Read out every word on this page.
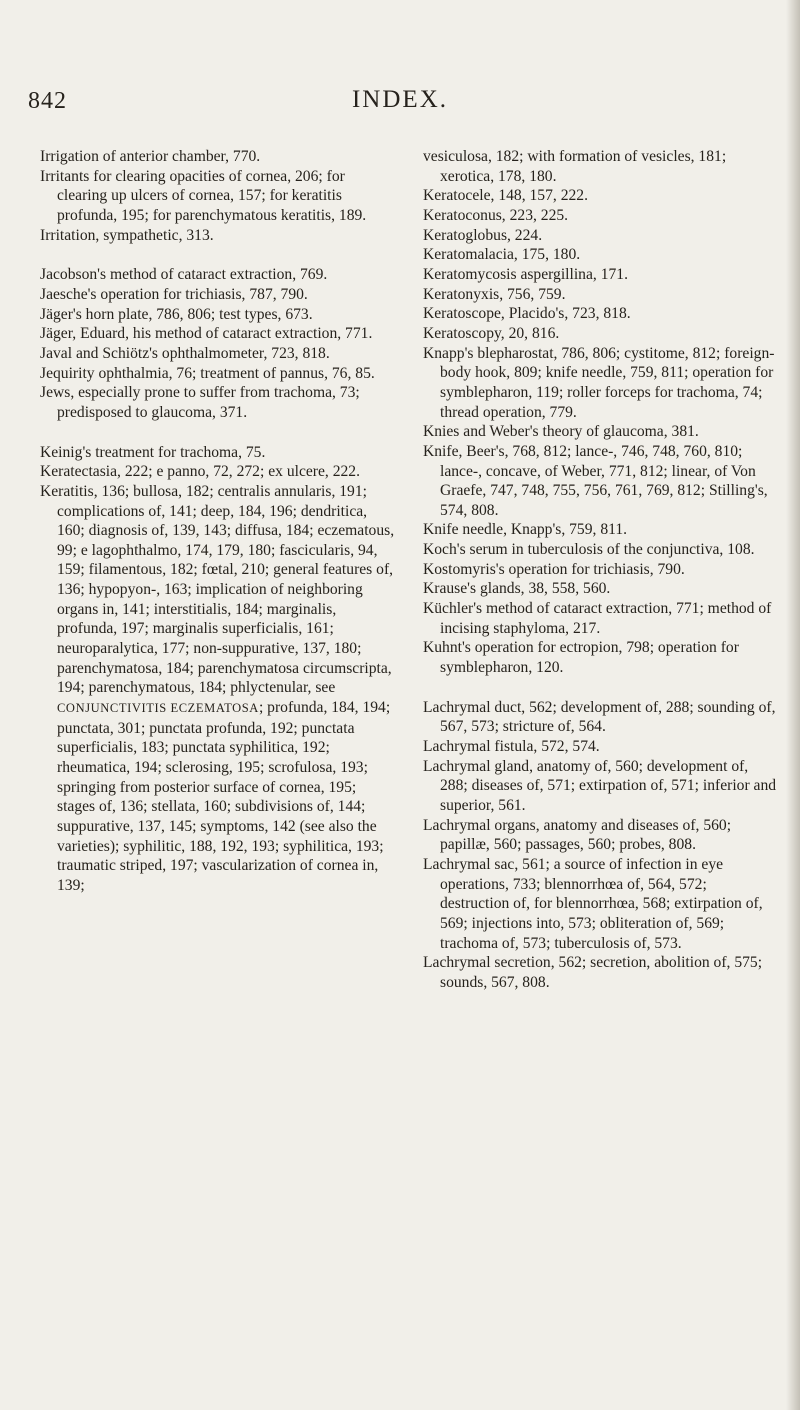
842	INDEX.

Irrigation of anterior chamber, 770.

Irritants for clearing opacities of cornea, 206; for clearing up ulcers of cornea, 157; for keratitis profunda, 195; for parenchymatous keratitis, 189.

Irritation, sympathetic, 313.

Jacobson's method of cataract extraction, 769.

Jaesche's operation for trichiasis, 787, 790.

Jäger's horn plate, 786, 806; test types, 673.

Jäger, Eduard, his method of cataract extraction, 771.

Javal and Schiötz's ophthalmometer, 723, 818.

Jequirity ophthalmia, 76; treatment of pannus, 76, 85.

Jews, especially prone to suffer from trachoma, 73; predisposed to glaucoma, 371.

Keinig's treatment for trachoma, 75.

Keratectasia, 222; e panno, 72, 272; ex ulcere, 222.

Keratitis, 136; bullosa, 182; centralis annularis, 191; complications of, 141; deep, 184, 196; dendritica, 160; diagnosis of, 139, 143; diffusa, 184; eczematous, 99; e lagophthalmo, 174, 179, 180; fascicularis, 94, 159; filamentous, 182; fœtal, 210; general features of, 136; hypopyon-, 163; implication of neighboring organs in, 141; interstitialis, 184; marginalis, profunda, 197; marginalis superficialis, 161; neuroparalytica, 177; non-suppurative, 137, 180; parenchymatosa, 184; parenchymatosa circumscripta, 194; parenchymatous, 184; phlyctenular, see CONJUNCTIVITIS ECZEMATOSA; profunda, 184, 194; punctata, 301; punctata profunda, 192; punctata superficialis, 183; punctata syphilitica, 192; rheumatica, 194; sclerosing, 195; scrofulosa, 193; springing from posterior surface of cornea, 195; stages of, 136; stellata, 160; subdivisions of, 144; suppurative, 137, 145; symptoms, 142 (see also the varieties); syphilitic, 188, 192, 193; syphilitica, 193; traumatic striped, 197; vascularization of cornea in, 139;

vesiculosa, 182; with formation of vesicles, 181; xerotica, 178, 180.

Keratocele, 148, 157, 222.

Keratoconus, 223, 225.

Keratoglobus, 224.

Keratomalacia, 175, 180.

Keratomycosis aspergillina, 171.

Keratonyxis, 756, 759.

Keratoscope, Placido's, 723, 818.

Keratoscopy, 20, 816.

Knapp's blepharostat, 786, 806; cystitome, 812; foreign-body hook, 809; knife needle, 759, 811; operation for symblepharon, 119; roller forceps for trachoma, 74; thread operation, 779.

Knies and Weber's theory of glaucoma, 381.

Knife, Beer's, 768, 812; lance-, 746, 748, 760, 810; lance-, concave, of Weber, 771, 812; linear, of Von Graefe, 747, 748, 755, 756, 761, 769, 812; Stilling's, 574, 808.

Knife needle, Knapp's, 759, 811.

Koch's serum in tuberculosis of the conjunctiva, 108.

Kostomyris's operation for trichiasis, 790.

Krause's glands, 38, 558, 560.

Küchler's method of cataract extraction, 771; method of incising staphyloma, 217.

Kuhnt's operation for ectropion, 798; operation for symblepharon, 120.

Lachrymal duct, 562; development of, 288; sounding of, 567, 573; stricture of, 564.

Lachrymal fistula, 572, 574.

Lachrymal gland, anatomy of, 560; development of, 288; diseases of, 571; extirpation of, 571; inferior and superior, 561.

Lachrymal organs, anatomy and diseases of, 560; papillæ, 560; passages, 560; probes, 808.

Lachrymal sac, 561; a source of infection in eye operations, 733; blennorrhœa of, 564, 572; destruction of, for blennorrhœa, 568; extirpation of, 569; injections into, 573; obliteration of, 569; trachoma of, 573; tuberculosis of, 573.

Lachrymal secretion, 562; secretion, abolition of, 575; sounds, 567, 808.
